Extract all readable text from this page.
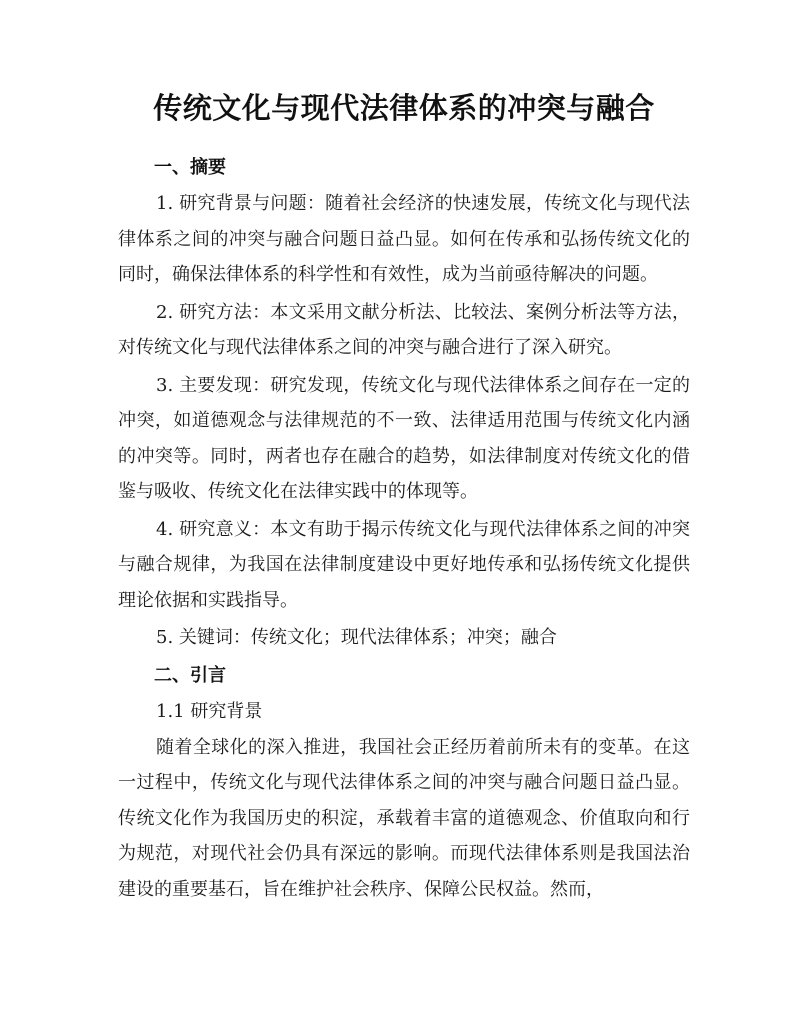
传统文化与现代法律体系的冲突与融合
一、摘要

1. 研究背景与问题：随着社会经济的快速发展，传统文化与现代法律体系之间的冲突与融合问题日益凸显。如何在传承和弘扬传统文化的同时，确保法律体系的科学性和有效性，成为当前亟待解决的问题。

2. 研究方法：本文采用文献分析法、比较法、案例分析法等方法，对传统文化与现代法律体系之间的冲突与融合进行了深入研究。

3. 主要发现：研究发现，传统文化与现代法律体系之间存在一定的冲突，如道德观念与法律规范的不一致、法律适用范围与传统文化内涵的冲突等。同时，两者也存在融合的趋势，如法律制度对传统文化的借鉴与吸收、传统文化在法律实践中的体现等。

4. 研究意义：本文有助于揭示传统文化与现代法律体系之间的冲突与融合规律，为我国在法律制度建设中更好地传承和弘扬传统文化提供理论依据和实践指导。

5. 关键词：传统文化；现代法律体系；冲突；融合

二、引言
1.1 研究背景

随着全球化的深入推进，我国社会正经历着前所未有的变革。在这一过程中，传统文化与现代法律体系之间的冲突与融合问题日益凸显。传统文化作为我国历史的积淀，承载着丰富的道德观念、价值取向和行为规范，对现代社会仍具有深远的影响。而现代法律体系则是我国法治建设的重要基石，旨在维护社会秩序、保障公民权益。然而，
